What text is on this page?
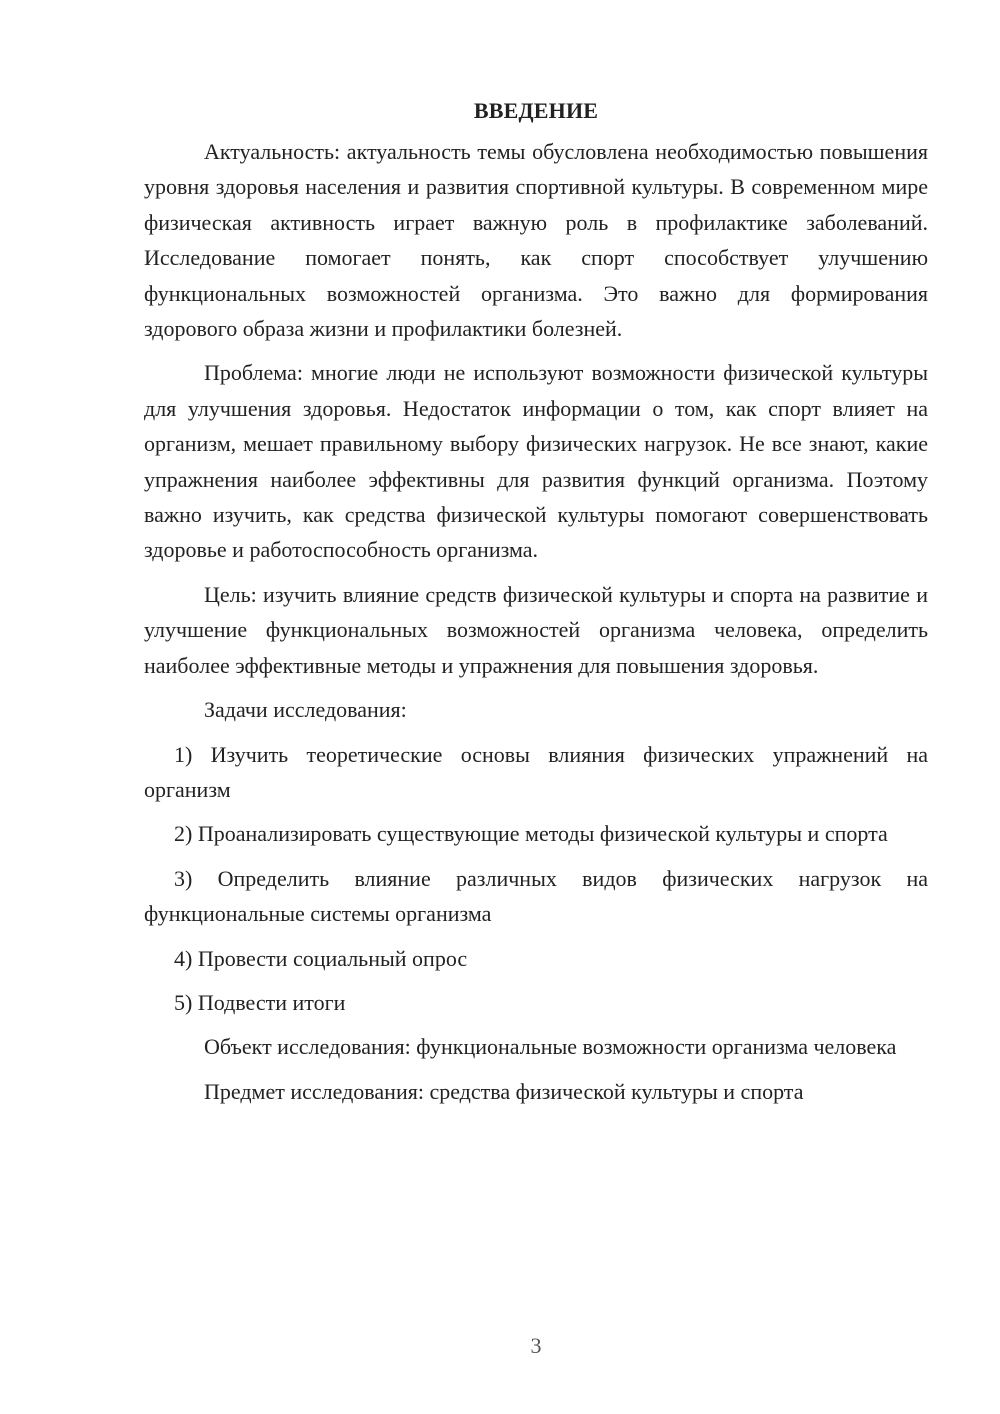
ВВЕДЕНИЕ

Актуальность: актуальность темы обусловлена необходимостью повышения уровня здоровья населения и развития спортивной культуры. В современном мире физическая активность играет важную роль в профилактике заболеваний. Исследование помогает понять, как спорт способствует улучшению функциональных возможностей организма. Это важно для формирования здорового образа жизни и профилактики болезней.

Проблема: многие люди не используют возможности физической культуры для улучшения здоровья. Недостаток информации о том, как спорт влияет на организм, мешает правильному выбору физических нагрузок. Не все знают, какие упражнения наиболее эффективны для развития функций организма. Поэтому важно изучить, как средства физической культуры помогают совершенствовать здоровье и работоспособность организма.

Цель: изучить влияние средств физической культуры и спорта на развитие и улучшение функциональных возможностей организма человека, определить наиболее эффективные методы и упражнения для повышения здоровья.

Задачи исследования:

1) Изучить теоретические основы влияния физических упражнений на организм

2) Проанализировать существующие методы физической культуры и спорта

3) Определить влияние различных видов физических нагрузок на функциональные системы организма

4) Провести социальный опрос

5) Подвести итоги

Объект исследования: функциональные возможности организма человека

Предмет исследования: средства физической культуры и спорта

3
